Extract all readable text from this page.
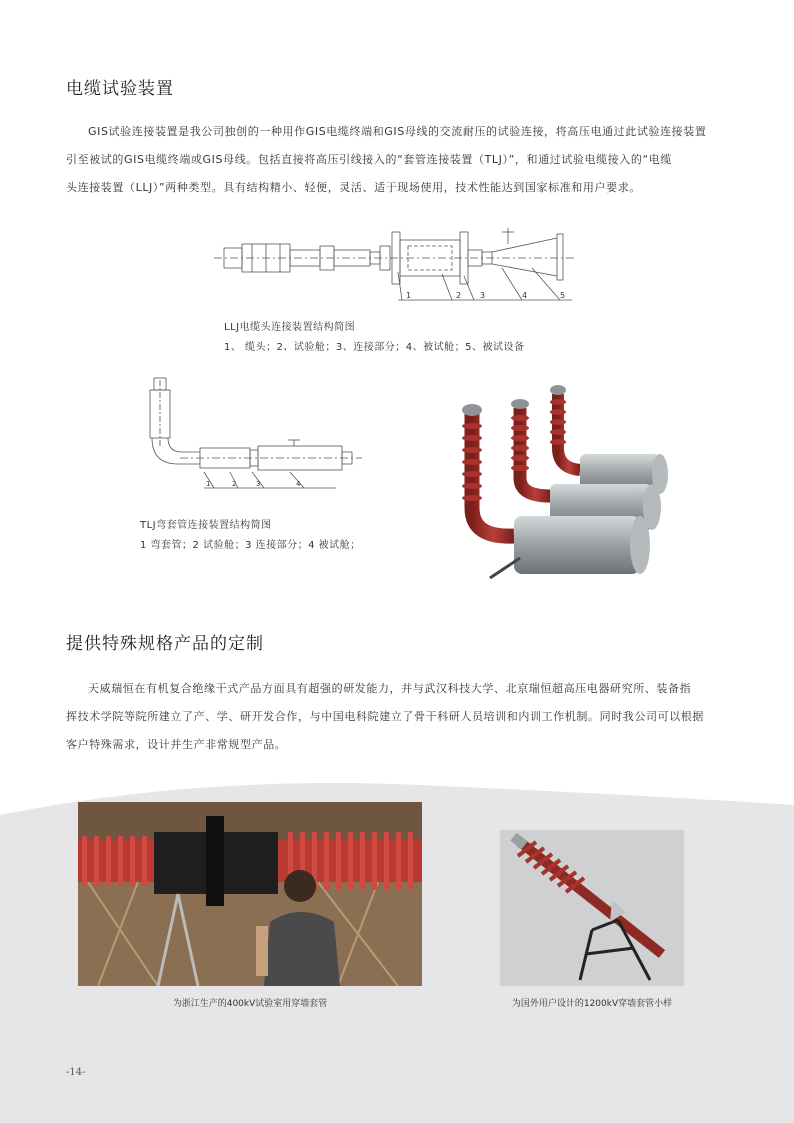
电缆试验装置
GIS试验连接装置是我公司独创的一种用作GIS电缆终端和GIS母线的交流耐压的试验连接，将高压电通过此试验连接装置
引至被试的GIS电缆终端或GIS母线。包括直接将高压引线接入的“套管连接装置（TLJ）”，和通过试验电缆接入的“电缆
头连接装置（LLJ）”两种类型。具有结构精小、轻便，灵活、适于现场使用，技术性能达到国家标准和用户要求。
1	2 3	4	5
LLJ电缆头连接装置结构简图
1、 缆头；2、试验舱；3、连接部分；4、被试舱；5、被试设备
1	2	3	4
TLJ弯套管连接装置结构简图
1 弯套管；2 试验舱；3 连接部分；4 被试舱；
提供特殊规格产品的定制
天威瑞恒在有机复合绝缘干式产品方面具有超强的研发能力，并与武汉科技大学、北京瑞恒超高压电器研究所、装备指
挥技术学院等院所建立了产、学、研开发合作，与中国电科院建立了骨干科研人员培训和内训工作机制。同时我公司可以根据
客户特殊需求，设计并生产非常规型产品。
为浙江生产的400kV试验室用穿墙套管	为国外用户设计的1200kV穿墙套管小样
-14-
